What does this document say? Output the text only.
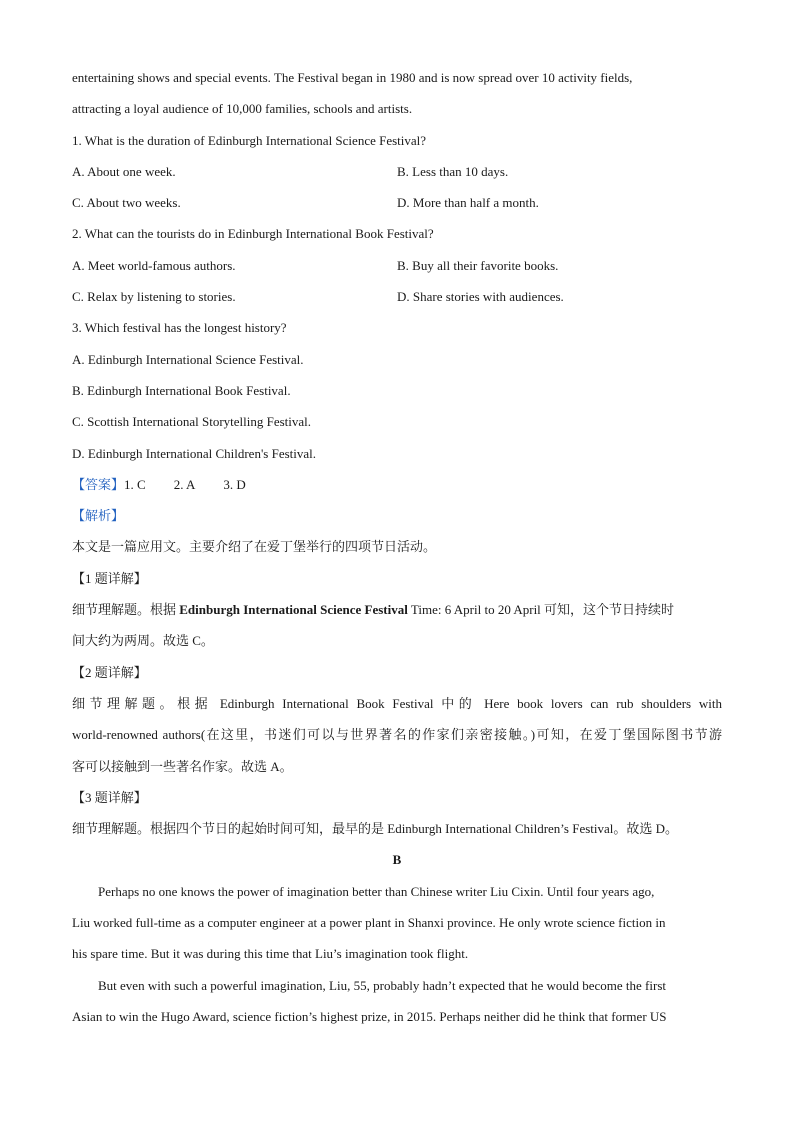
entertaining shows and special events. The Festival began in 1980 and is now spread over 10 activity fields,
attracting a loyal audience of 10,000 families, schools and artists.
1. What is the duration of Edinburgh International Science Festival?
A. About one week.	B. Less than 10 days.
C. About two weeks.	D. More than half a month.
2. What can the tourists do in Edinburgh International Book Festival?
A. Meet world-famous authors.	B. Buy all their favorite books.
C. Relax by listening to stories.	D. Share stories with audiences.
3. Which festival has the longest history?
A. Edinburgh International Science Festival.
B. Edinburgh International Book Festival.
C. Scottish International Storytelling Festival.
D. Edinburgh International Children's Festival.
【答案】1. C 2. A 3. D
【解析】
本文是一篇应用文。主要介绍了在爱丁堡举行的四项节日活动。
【1 题详解】
细节理解题。根据 Edinburgh International Science Festival Time: 6 April to 20 April 可知，这个节日持续时
间大约为两周。故选 C。
【2 题详解】
细节理解题。根据 Edinburgh International Book Festival 中的 Here book lovers can rub shoulders with
world-renowned authors(在这里，书迷们可以与世界著名的作家们亲密接触。)可知，在爱丁堡国际图书节游
客可以接触到一些著名作家。故选 A。
【3 题详解】
细节理解题。根据四个节日的起始时间可知，最早的是 Edinburgh International Children’s Festival。故选 D。
B
Perhaps no one knows the power of imagination better than Chinese writer Liu Cixin. Until four years ago,
Liu worked full-time as a computer engineer at a power plant in Shanxi province. He only wrote science fiction in
his spare time. But it was during this time that Liu’s imagination took flight.
But even with such a powerful imagination, Liu, 55, probably hadn’t expected that he would become the first
Asian to win the Hugo Award, science fiction’s highest prize, in 2015. Perhaps neither did he think that former US
